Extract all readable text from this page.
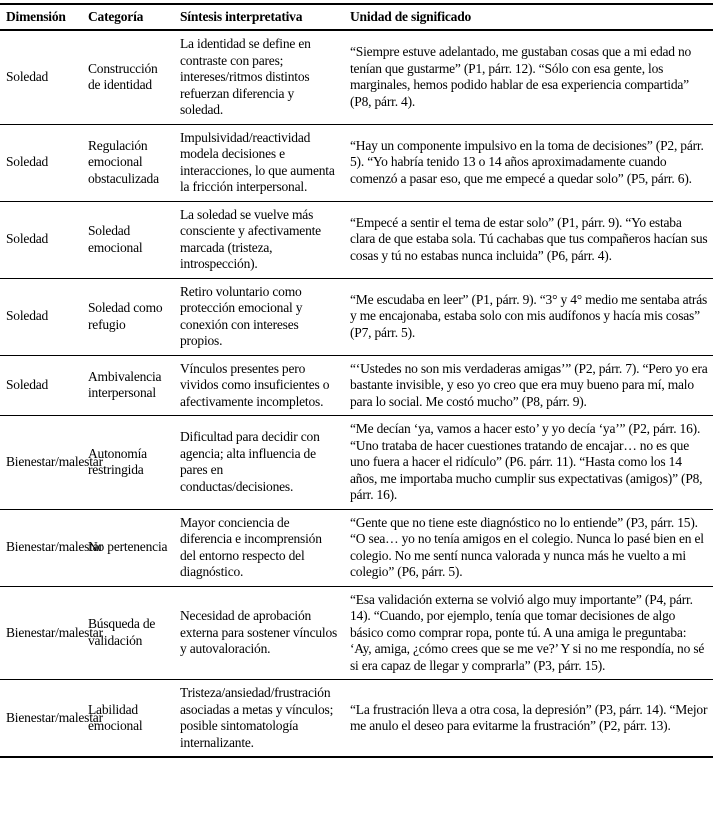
Dimensión	Categoría	Síntesis interpretativa	Unidad de significado
Soledad	Construcción de identidad	La identidad se define en contraste con pares; intereses/ritmos distintos refuerzan diferencia y soledad.	“Siempre estuve adelantado, me gustaban cosas que a mi edad no tenían que gustarme” (P1, párr. 12). “Sólo con esa gente, los marginales, hemos podido hablar de esa experiencia compartida” (P8, párr. 4).
Soledad	Regulación emocional obstaculizada	Impulsividad/reactividad modela decisiones e interacciones, lo que aumenta la fricción interpersonal.	“Hay un componente impulsivo en la toma de decisiones” (P2, párr. 5). “Yo habría tenido 13 o 14 años aproximadamente cuando comenzó a pasar eso, que me empecé a quedar solo” (P5, párr. 6).
Soledad	Soledad emocional	La soledad se vuelve más consciente y afectivamente marcada (tristeza, introspección).	“Empecé a sentir el tema de estar solo” (P1, párr. 9). “Yo estaba clara de que estaba sola. Tú cachabas que tus compañeros hacían sus cosas y tú no estabas nunca incluida” (P6, párr. 4).
Soledad	Soledad como refugio	Retiro voluntario como protección emocional y conexión con intereses propios.	“Me escudaba en leer” (P1, párr. 9). “3° y 4° medio me sentaba atrás y me encajonaba, estaba solo con mis audífonos y hacía mis cosas” (P7, párr. 5).
Soledad	Ambivalencia interpersonal	Vínculos presentes pero vividos como insuficientes o afectivamente incompletos.	“‘Ustedes no son mis verdaderas amigas’” (P2, párr. 7). “Pero yo era bastante invisible, y eso yo creo que era muy bueno para mí, malo para lo social. Me costó mucho” (P8, párr. 9).
Bienestar/malestar	Autonomía restringida	Dificultad para decidir con agencia; alta influencia de pares en conductas/decisiones.	“Me decían ‘ya, vamos a hacer esto’ y yo decía ‘ya’” (P2, párr. 16). “Uno trataba de hacer cuestiones tratando de encajar… no es que uno fuera a hacer el ridículo” (P6. párr. 11). “Hasta como los 14 años, me importaba mucho cumplir sus expectativas (amigos)” (P8, párr. 16).
Bienestar/malestar	No pertenencia	Mayor conciencia de diferencia e incomprensión del entorno respecto del diagnóstico.	“Gente que no tiene este diagnóstico no lo entiende” (P3, párr. 15). “O sea… yo no tenía amigos en el colegio. Nunca lo pasé bien en el colegio. No me sentí nunca valorada y nunca más he vuelto a mi colegio” (P6, párr. 5).
Bienestar/malestar	Búsqueda de validación	Necesidad de aprobación externa para sostener vínculos y autovaloración.	“Esa validación externa se volvió algo muy importante” (P4, párr. 14). “Cuando, por ejemplo, tenía que tomar decisiones de algo básico como comprar ropa, ponte tú. A una amiga le preguntaba: ‘Ay, amiga, ¿cómo crees que se me ve?’ Y si no me respondía, no sé si era capaz de llegar y comprarla” (P3, párr. 15).
Bienestar/malestar	Labilidad emocional	Tristeza/ansiedad/frustración asociadas a metas y vínculos; posible sintomatología internalizante.	“La frustración lleva a otra cosa, la depresión” (P3, párr. 14). “Mejor me anulo el deseo para evitarme la frustración” (P2, párr. 13).
